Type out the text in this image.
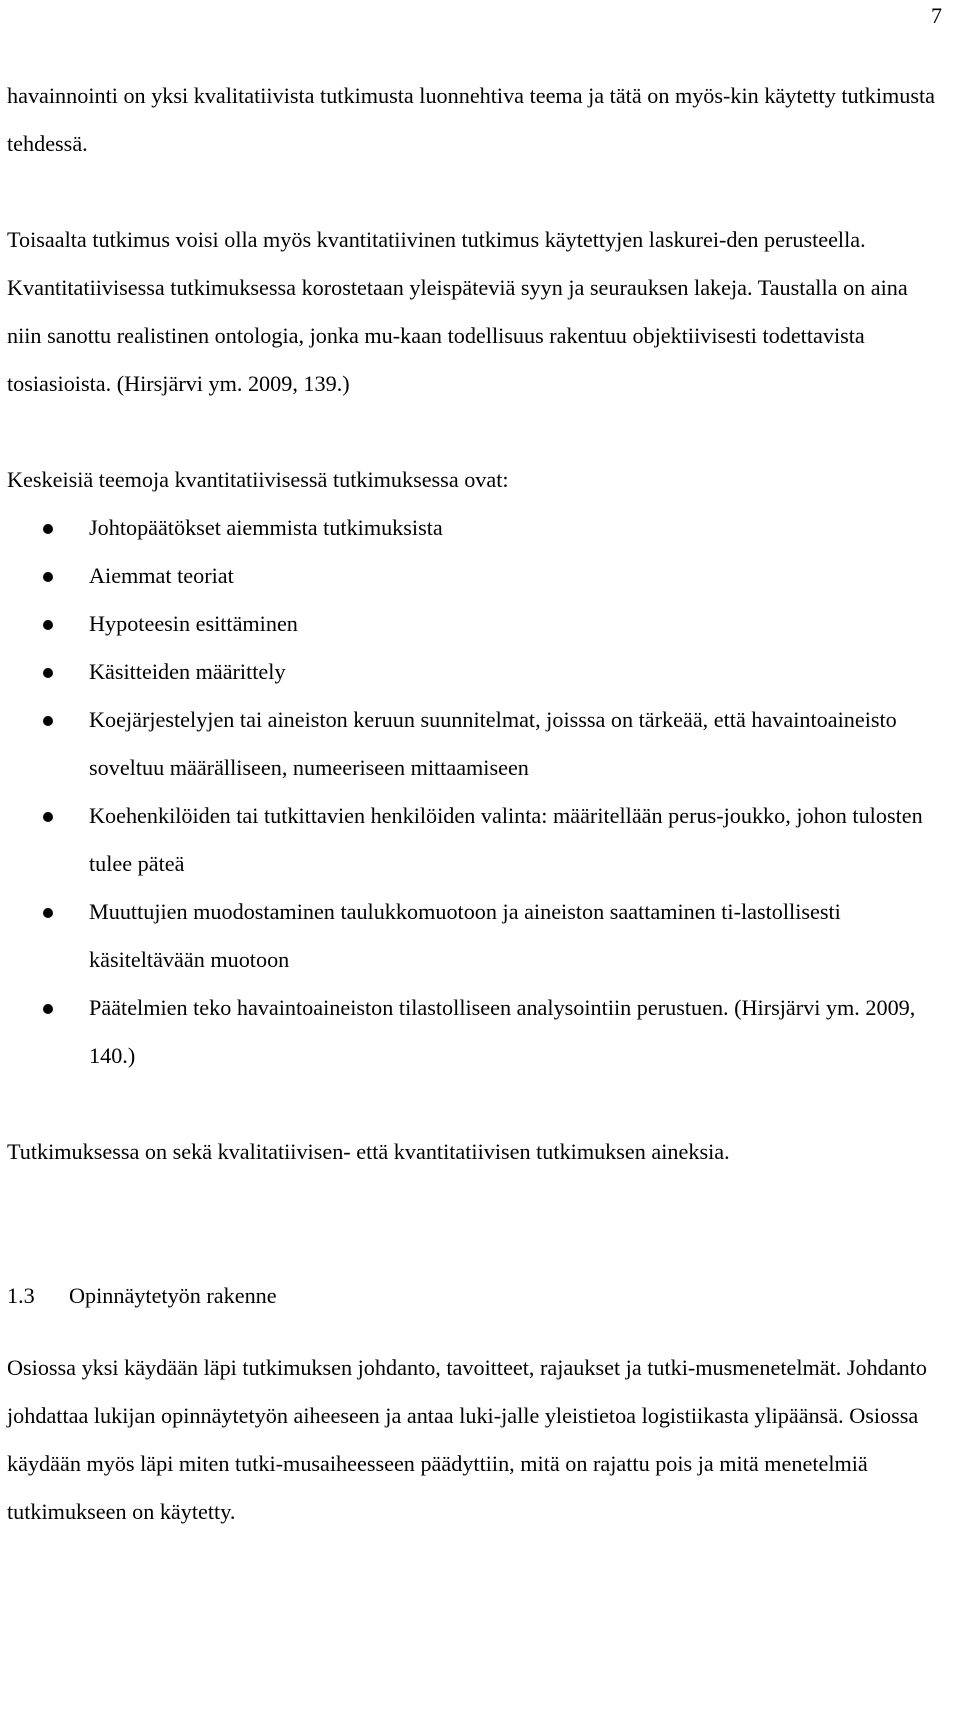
7

havainnointi on yksi kvalitatiivista tutkimusta luonnehtiva teema ja tätä on myös-kin käytetty tutkimusta tehdessä.

Toisaalta tutkimus voisi olla myös kvantitatiivinen tutkimus käytettyjen laskurei-den perusteella. Kvantitatiivisessa tutkimuksessa korostetaan yleispäteviä syyn ja seurauksen lakeja. Taustalla on aina niin sanottu realistinen ontologia, jonka mu-kaan todellisuus rakentuu objektiivisesti todettavista tosiasioista. (Hirsjärvi ym. 2009, 139.)

Keskeisiä teemoja kvantitatiivisessä tutkimuksessa ovat:

Johtopäätökset aiemmista tutkimuksista
Aiemmat teoriat
Hypoteesin esittäminen
Käsitteiden määrittely
Koejärjestelyjen tai aineiston keruun suunnitelmat, joisssa on tärkeää, että havaintoaineisto soveltuu määrälliseen, numeeriseen mittaamiseen
Koehenkilöiden tai tutkittavien henkilöiden valinta: määritellään perus-joukko, johon tulosten tulee päteä
Muuttujien muodostaminen taulukkomuotoon ja aineiston saattaminen ti-lastollisesti käsiteltävään muotoon
Päätelmien teko havaintoaineiston tilastolliseen analysointiin perustuen. (Hirsjärvi ym. 2009, 140.)

Tutkimuksessa on sekä kvalitatiivisen- että kvantitatiivisen tutkimuksen aineksia.

1.3 Opinnäytetyön rakenne

Osiossa yksi käydään läpi tutkimuksen johdanto, tavoitteet, rajaukset ja tutki-musmenetelmät. Johdanto johdattaa lukijan opinnäytetyön aiheeseen ja antaa luki-jalle yleistietoa logistiikasta ylipäänsä. Osiossa käydään myös läpi miten tutki-musaiheesseen päädyttiin, mitä on rajattu pois ja mitä menetelmiä tutkimukseen on käytetty.
